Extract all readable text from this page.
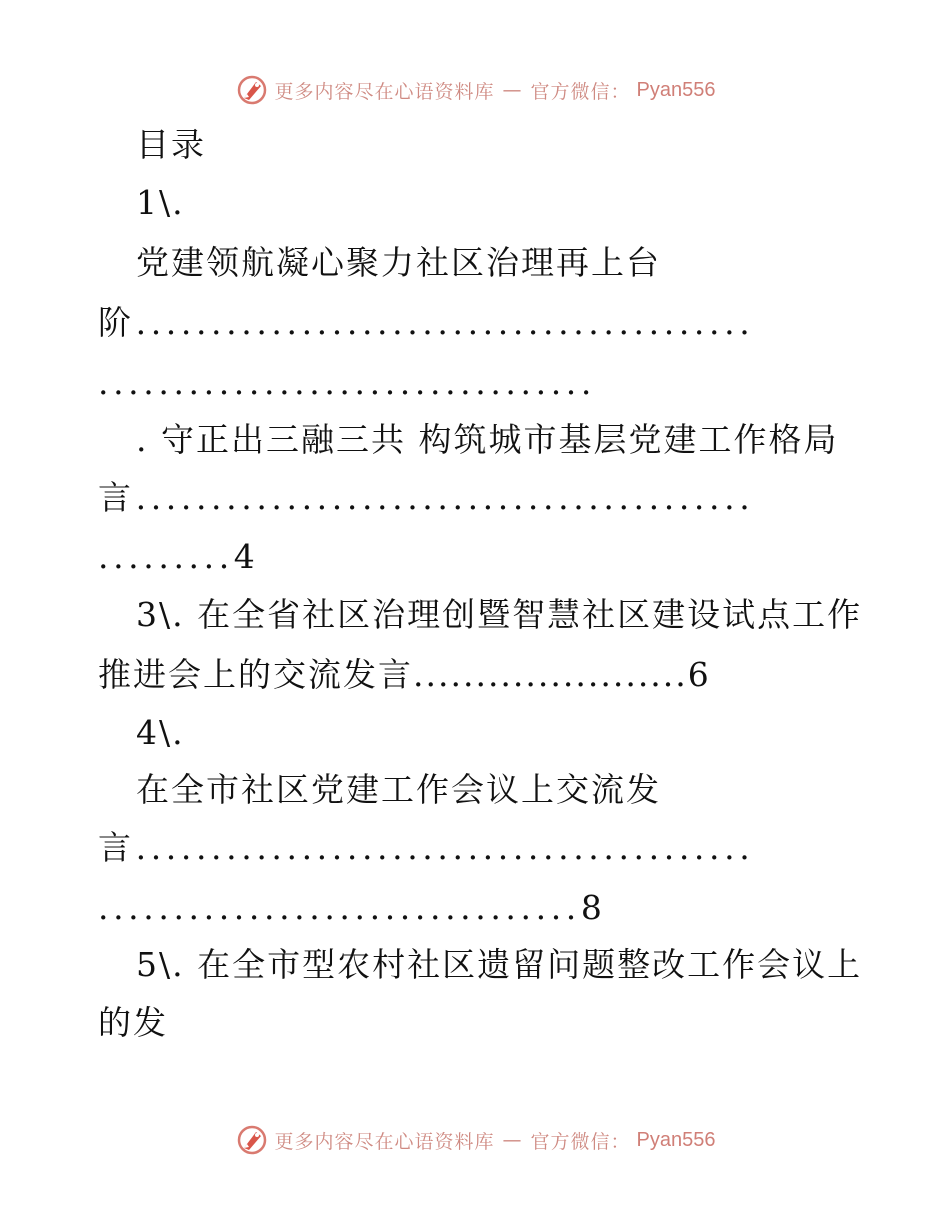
更多内容尽在心语资料库 — 官方微信： Pyan556
目录
1\.
党建领航凝心聚力社区治理再上台
阶.........................................
.................................
. 守正出三融三共 构筑城市基层党建工作格局
言.........................................
.........4
3\. 在全省社区治理创暨智慧社区建设试点工作
推进会上的交流发言......................6
4\.
在全市社区党建工作会议上交流发
言.........................................
................................8
5\. 在全市型农村社区遗留问题整改工作会议上
的发
更多内容尽在心语资料库 — 官方微信： Pyan556
